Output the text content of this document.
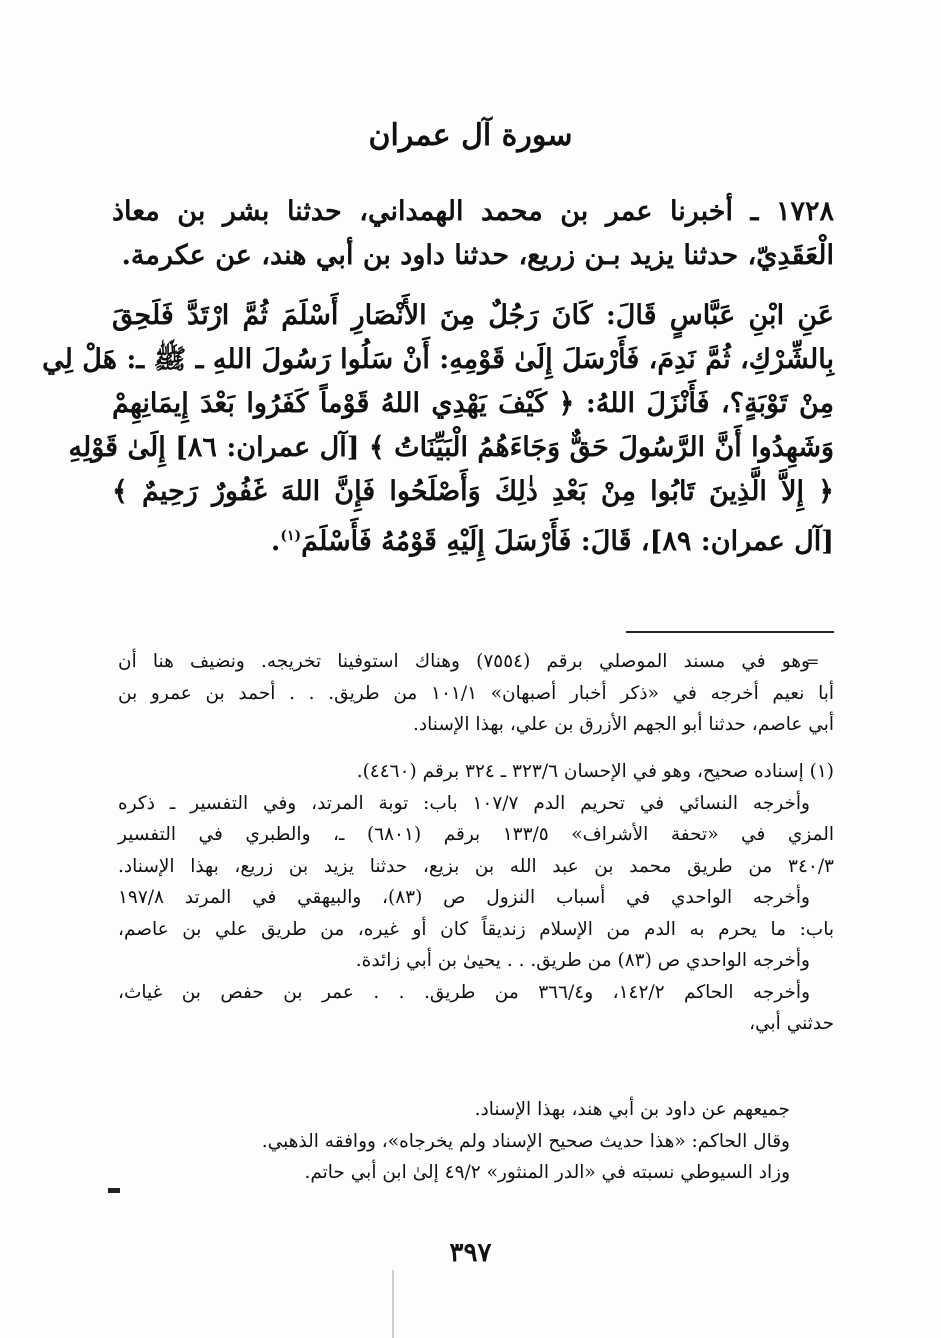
سورة آل عمران
١٧٢٨ ـ أخبرنا عمر بن محمد الهمداني، حدثنا بشر بن معاذ
الْعَقَدِيّ، حدثنا يزيد بـن زريع، حدثنا داود بن أبي هند، عن عكرمة.
عَنِ ابْنِ عَبَّاسٍ قَالَ: كَانَ رَجُلٌ مِنَ الأَنْصَارِ أَسْلَمَ ثُمَّ ارْتَدَّ فَلَحِقَ
بِالشِّرْكِ، ثُمَّ نَدِمَ، فَأَرْسَلَ إِلَىٰ قَوْمِهِ: أَنْ سَلُوا رَسُولَ اللهِ ـ ﷺ ـ: هَلْ لِي
مِنْ تَوْبَةٍ؟، فَأَنْزَلَ اللهُ: ﴿ كَيْفَ يَهْدِي اللهُ قَوْماً كَفَرُوا بَعْدَ إِيمَانِهِمْ
وَشَهِدُوا أَنَّ الرَّسُولَ حَقٌّ وَجَاءَهُمُ الْبَيِّنَاتُ ﴾ [آل عمران: ٨٦] إِلَىٰ قَوْلِهِ
﴿ إِلاَّ الَّذِينَ تَابُوا مِنْ بَعْدِ ذٰلِكَ وَأَصْلَحُوا فَإِنَّ اللهَ غَفُورٌ رَحِيمٌ ﴾
[آل عمران: ٨٩]، قَالَ: فَأَرْسَلَ إِلَيْهِ قَوْمُهُ فَأَسْلَمَ$^{(١)}$.
=
وهو في مسند الموصلي برقم (٧٥٥٤) وهناك استوفينا تخريجه. ونضيف هنا أن
أبا نعيم أخرجه في «ذكر أخبار أصبهان» ١٠١/١ من طريق. . . أحمد بن عمرو بن
أبي عاصم، حدثنا أبو الجهم الأزرق بن علي، بهذا الإسناد.
(١) إسناده صحيح، وهو في الإحسان ٣٢٣/٦ ـ ٣٢٤ برقم (٤٤٦٠).
وأخرجه النسائي في تحريم الدم ١٠٧/٧ باب: توبة المرتد، وفي التفسير ـ ذكره
المزي في «تحفة الأشراف» ١٣٣/٥ برقم (٦٨٠١) ـ، والطبري في التفسير
٣٤٠/٣ من طريق محمد بن عبد الله بن بزيع، حدثنا يزيد بن زريع، بهذا الإسناد.
وأخرجه الواحدي في أسباب النزول ص (٨٣)، والبيهقي في المرتد ١٩٧/٨
باب: ما يحرم به الدم من الإسلام زنديقاً كان أو غيره، من طريق علي بن عاصم،
وأخرجه الواحدي ص (٨٣) من طريق. . . يحيىٰ بن أبي زائدة.
وأخرجه الحاكم ١٤٢/٢، و٣٦٦/٤ من طريق. . . عمر بن حفص بن غياث،
حدثني أبي،
جميعهم عن داود بن أبي هند، بهذا الإسناد.
وقال الحاكم: «هذا حديث صحيح الإسناد ولم يخرجاه»، ووافقه الذهبي.
وزاد السيوطي نسبته في «الدر المنثور» ٤٩/٢ إلىٰ ابن أبي حاتم.
٣٩٧
